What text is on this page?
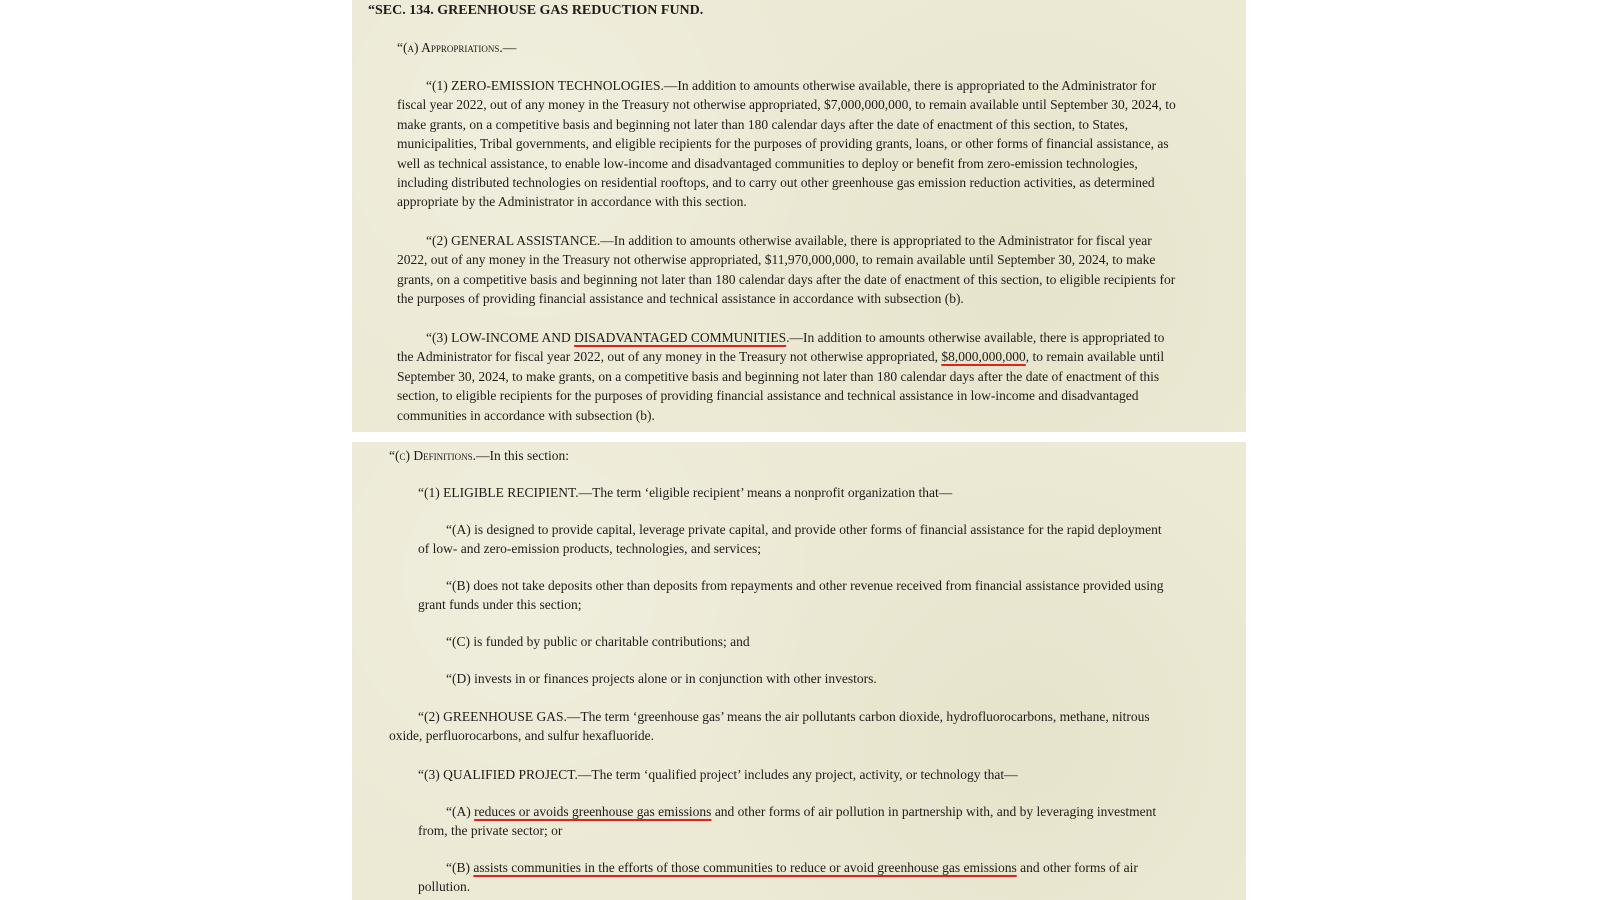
“SEC. 134. GREENHOUSE GAS REDUCTION FUND.
“(a) Appropriations.—
“(1) ZERO-EMISSION TECHNOLOGIES.—In addition to amounts otherwise available, there is appropriated to the Administrator for
fiscal year 2022, out of any money in the Treasury not otherwise appropriated, $7,000,000,000, to remain available until September 30, 2024, to
make grants, on a competitive basis and beginning not later than 180 calendar days after the date of enactment of this section, to States,
municipalities, Tribal governments, and eligible recipients for the purposes of providing grants, loans, or other forms of financial assistance, as
well as technical assistance, to enable low-income and disadvantaged communities to deploy or benefit from zero-emission technologies,
including distributed technologies on residential rooftops, and to carry out other greenhouse gas emission reduction activities, as determined
appropriate by the Administrator in accordance with this section.
“(2) GENERAL ASSISTANCE.—In addition to amounts otherwise available, there is appropriated to the Administrator for fiscal year
2022, out of any money in the Treasury not otherwise appropriated, $11,970,000,000, to remain available until September 30, 2024, to make
grants, on a competitive basis and beginning not later than 180 calendar days after the date of enactment of this section, to eligible recipients for
the purposes of providing financial assistance and technical assistance in accordance with subsection (b).
“(3) LOW-INCOME AND DISADVANTAGED COMMUNITIES.—In addition to amounts otherwise available, there is appropriated to
the Administrator for fiscal year 2022, out of any money in the Treasury not otherwise appropriated, $8,000,000,000, to remain available until
September 30, 2024, to make grants, on a competitive basis and beginning not later than 180 calendar days after the date of enactment of this
section, to eligible recipients for the purposes of providing financial assistance and technical assistance in low-income and disadvantaged
communities in accordance with subsection (b).
“(c) Definitions.—In this section:
“(1) ELIGIBLE RECIPIENT.—The term ‘eligible recipient’ means a nonprofit organization that—
“(A) is designed to provide capital, leverage private capital, and provide other forms of financial assistance for the rapid deployment
of low- and zero-emission products, technologies, and services;
“(B) does not take deposits other than deposits from repayments and other revenue received from financial assistance provided using
grant funds under this section;
“(C) is funded by public or charitable contributions; and
“(D) invests in or finances projects alone or in conjunction with other investors.
“(2) GREENHOUSE GAS.—The term ‘greenhouse gas’ means the air pollutants carbon dioxide, hydrofluorocarbons, methane, nitrous
oxide, perfluorocarbons, and sulfur hexafluoride.
“(3) QUALIFIED PROJECT.—The term ‘qualified project’ includes any project, activity, or technology that—
“(A) reduces or avoids greenhouse gas emissions and other forms of air pollution in partnership with, and by leveraging investment
from, the private sector; or
“(B) assists communities in the efforts of those communities to reduce or avoid greenhouse gas emissions and other forms of air
pollution.
